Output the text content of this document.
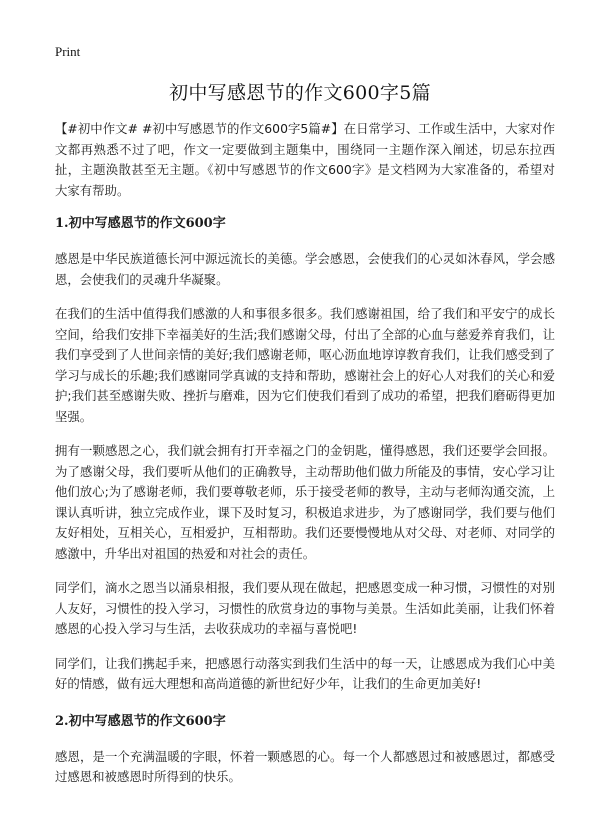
Print
初中写感恩节的作文600字5篇

【#初中作文# #初中写感恩节的作文600字5篇#】在日常学习、工作或生活中，大家对作文都再熟悉不过了吧，作文一定要做到主题集中，围绕同一主题作深入阐述，切忌东拉西扯，主题涣散甚至无主题。《初中写感恩节的作文600字》是文档网为大家准备的，希望对大家有帮助。

1.初中写感恩节的作文600字

感恩是中华民族道德长河中源远流长的美德。学会感恩，会使我们的心灵如沐春风，学会感恩，会使我们的灵魂升华凝聚。

在我们的生活中值得我们感激的人和事很多很多。我们感谢祖国，给了我们和平安宁的成长空间，给我们安排下幸福美好的生活;我们感谢父母，付出了全部的心血与慈爱养育我们，让我们享受到了人世间亲情的美好;我们感谢老师，呕心沥血地谆谆教育我们，让我们感受到了学习与成长的乐趣;我们感谢同学真诚的支持和帮助，感谢社会上的好心人对我们的关心和爱护;我们甚至感谢失败、挫折与磨难，因为它们使我们看到了成功的希望，把我们磨砺得更加坚强。

拥有一颗感恩之心，我们就会拥有打开幸福之门的金钥匙，懂得感恩，我们还要学会回报。为了感谢父母，我们要听从他们的正确教导，主动帮助他们做力所能及的事情，安心学习让他们放心;为了感谢老师，我们要尊敬老师，乐于接受老师的教导，主动与老师沟通交流，上课认真听讲，独立完成作业，课下及时复习，积极追求进步，为了感谢同学，我们要与他们友好相处，互相关心，互相爱护，互相帮助。我们还要慢慢地从对父母、对老师、对同学的感激中，升华出对祖国的热爱和对社会的责任。

同学们，滴水之恩当以涌泉相报，我们要从现在做起，把感恩变成一种习惯，习惯性的对别人友好，习惯性的投入学习，习惯性的欣赏身边的事物与美景。生活如此美丽，让我们怀着感恩的心投入学习与生活，去收获成功的幸福与喜悦吧!

同学们，让我们携起手来，把感恩行动落实到我们生活中的每一天，让感恩成为我们心中美好的情感，做有远大理想和高尚道德的新世纪好少年，让我们的生命更加美好!

2.初中写感恩节的作文600字

感恩，是一个充满温暖的字眼，怀着一颗感恩的心。每一个人都感恩过和被感恩过，都感受过感恩和被感恩时所得到的快乐。
